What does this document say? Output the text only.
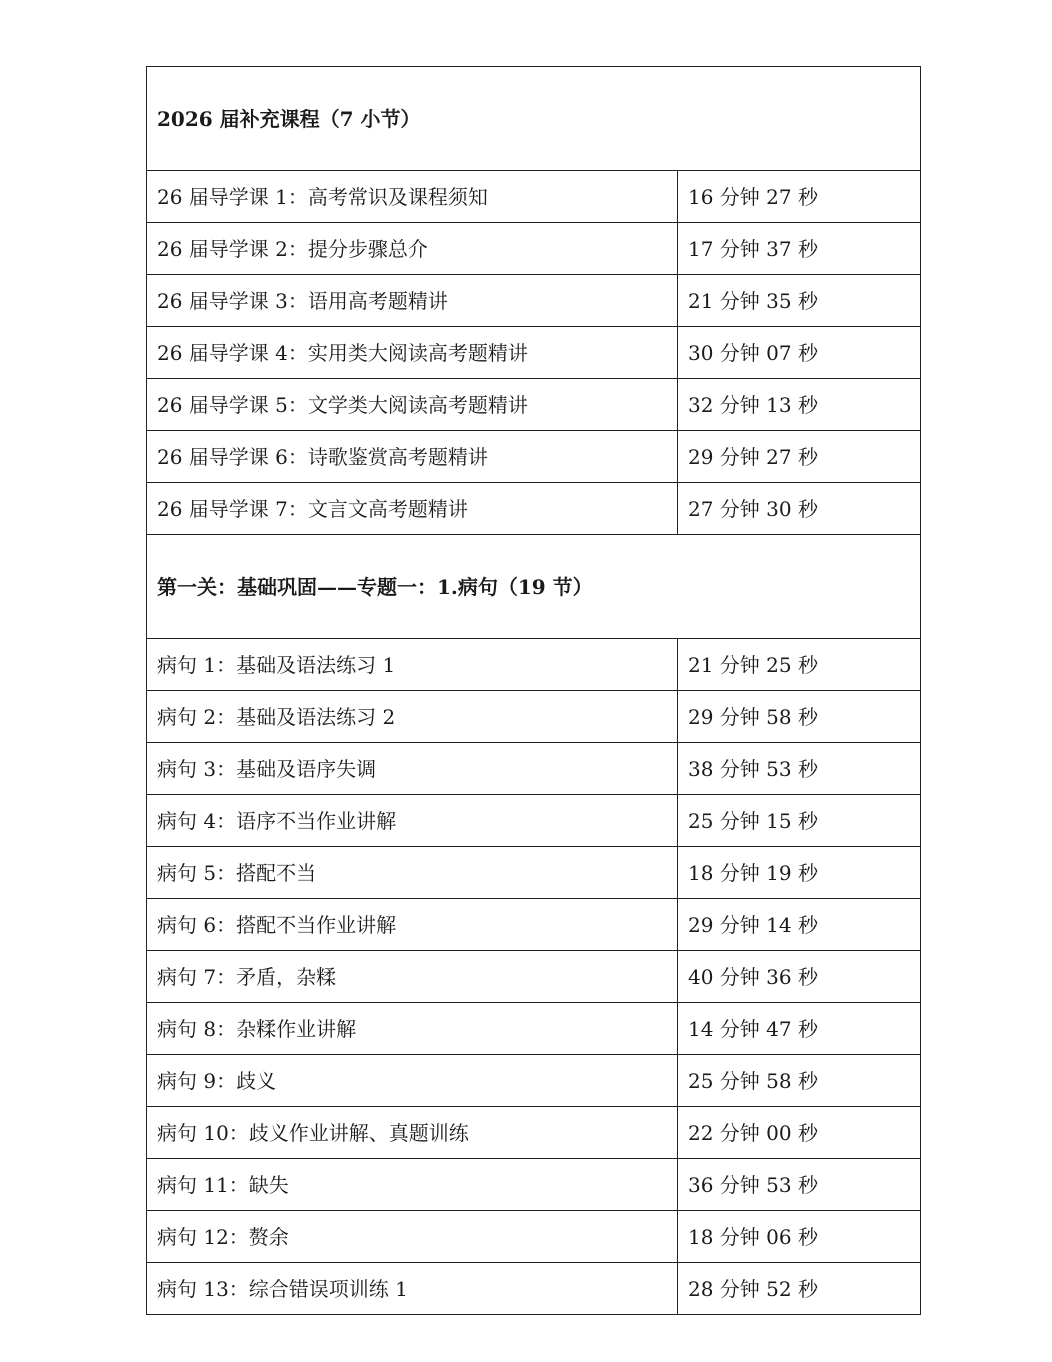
2026 届补充课程（7 小节）	
26 届导学课 1：高考常识及课程须知	16 分钟 27 秒
26 届导学课 2：提分步骤总介	17 分钟 37 秒
26 届导学课 3：语用高考题精讲	21 分钟 35 秒
26 届导学课 4：实用类大阅读高考题精讲	30 分钟 07 秒
26 届导学课 5：文学类大阅读高考题精讲	32 分钟 13 秒
26 届导学课 6：诗歌鉴赏高考题精讲	29 分钟 27 秒
26 届导学课 7：文言文高考题精讲	27 分钟 30 秒
第一关：基础巩固——专题一：1.病句（19 节）	
病句 1：基础及语法练习 1	21 分钟 25 秒
病句 2：基础及语法练习 2	29 分钟 58 秒
病句 3：基础及语序失调	38 分钟 53 秒
病句 4：语序不当作业讲解	25 分钟 15 秒
病句 5：搭配不当	18 分钟 19 秒
病句 6：搭配不当作业讲解	29 分钟 14 秒
病句 7：矛盾，杂糅	40 分钟 36 秒
病句 8：杂糅作业讲解	14 分钟 47 秒
病句 9：歧义	25 分钟 58 秒
病句 10：歧义作业讲解、真题训练	22 分钟 00 秒
病句 11：缺失	36 分钟 53 秒
病句 12：赘余	18 分钟 06 秒
病句 13：综合错误项训练 1	28 分钟 52 秒
